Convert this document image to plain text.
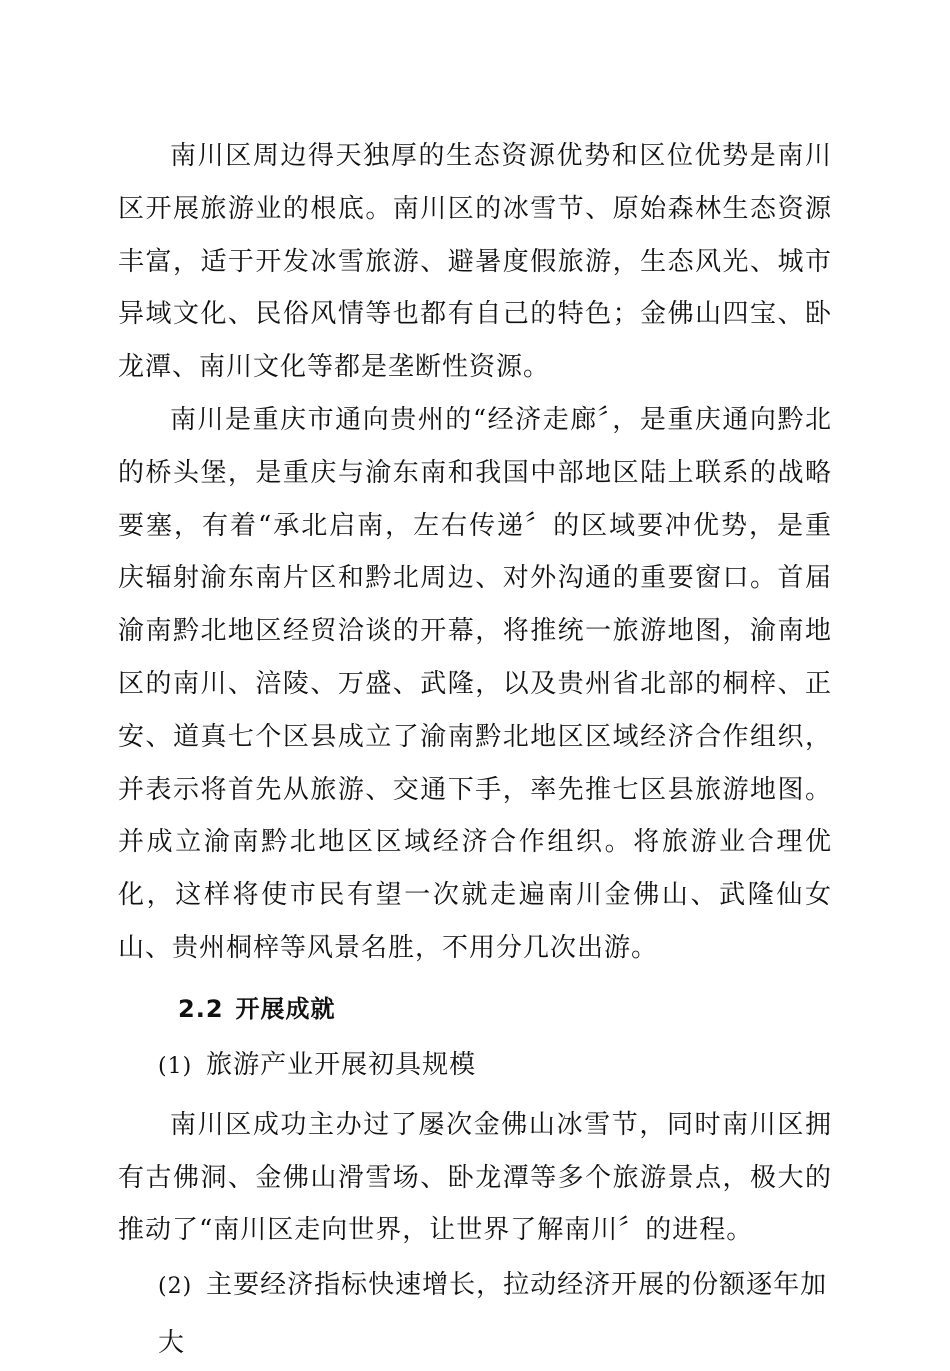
南川区周边得天独厚的生态资源优势和区位优势是南川区开展旅游业的根底。南川区的冰雪节、原始森林生态资源丰富，适于开发冰雪旅游、避暑度假旅游，生态风光、城市异域文化、民俗风情等也都有自己的特色；金佛山四宝、卧龙潭、南川文化等都是垄断性资源。

南川是重庆市通向贵州的“经济走廊〞，是重庆通向黔北的桥头堡，是重庆与渝东南和我国中部地区陆上联系的战略要塞，有着“承北启南，左右传递〞的区域要冲优势，是重庆辐射渝东南片区和黔北周边、对外沟通的重要窗口。首届渝南黔北地区经贸洽谈的开幕，将推统一旅游地图，渝南地区的南川、涪陵、万盛、武隆，以及贵州省北部的桐梓、正安、道真七个区县成立了渝南黔北地区区域经济合作组织，并表示将首先从旅游、交通下手，率先推七区县旅游地图。并成立渝南黔北地区区域经济合作组织。将旅游业合理优化，这样将使市民有望一次就走遍南川金佛山、武隆仙女山、贵州桐梓等风景名胜，不用分几次出游。

2.2 开展成就
(1) 旅游产业开展初具规模

南川区成功主办过了屡次金佛山冰雪节，同时南川区拥有古佛洞、金佛山滑雪场、卧龙潭等多个旅游景点，极大的推动了“南川区走向世界，让世界了解南川〞的进程。

(2) 主要经济指标快速增长，拉动经济开展的份额逐年加大
